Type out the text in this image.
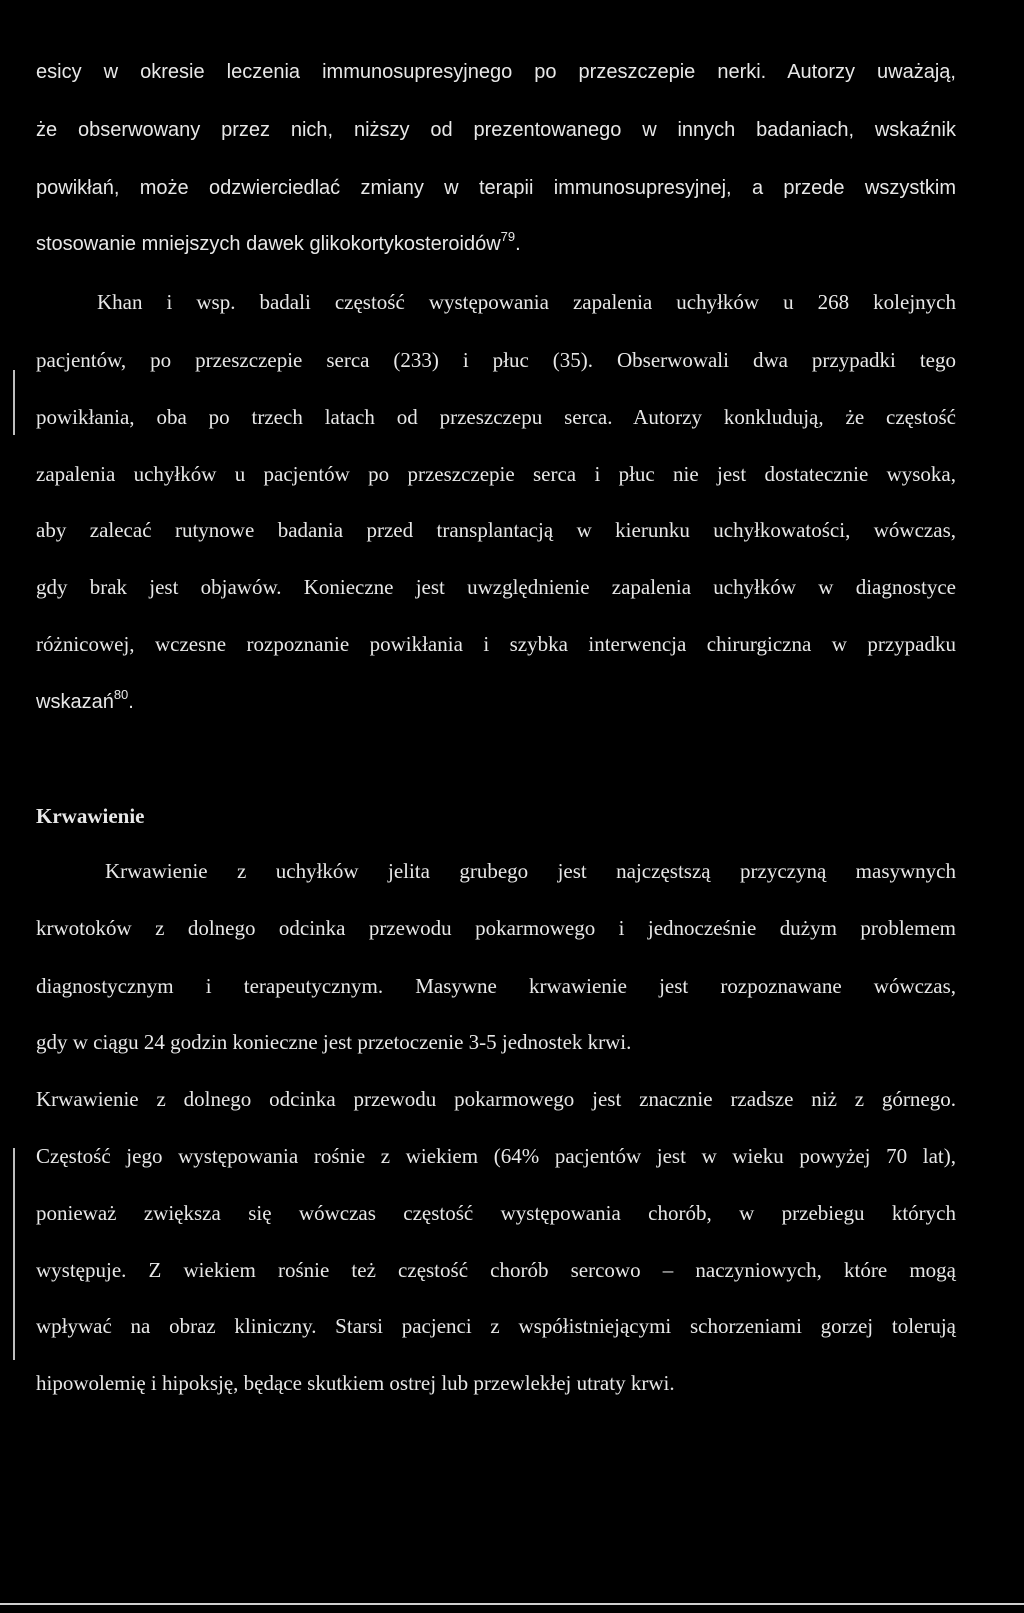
esicy w okresie leczenia immunosupresyjnego po przeszczepie nerki. Autorzy uważają,
że obserwowany przez nich, niższy od prezentowanego w innych badaniach, wskaźnik
powikłań, może odzwierciedlać zmiany w terapii immunosupresyjnej, a przede wszystkim
stosowanie mniejszych dawek glikokortykosteroidów$^{79}$.
Khan i wsp. badali częstość występowania zapalenia uchyłków u 268 kolejnych
pacjentów, po przeszczepie serca (233) i płuc (35). Obserwowali dwa przypadki tego
powikłania, oba po trzech latach od przeszczepu serca. Autorzy konkludują, że częstość
zapalenia uchyłków u pacjentów po przeszczepie serca i płuc nie jest dostatecznie wysoka,
aby zalecać rutynowe badania przed transplantacją w kierunku uchyłkowatości, wówczas,
gdy brak jest objawów. Konieczne jest uwzględnienie zapalenia uchyłków w diagnostyce
różnicowej, wczesne rozpoznanie powikłania i szybka interwencja chirurgiczna w przypadku
wskazań$^{80}$.
Krwawienie
Krwawienie z uchyłków jelita grubego jest najczęstszą przyczyną masywnych
krwotoków z dolnego odcinka przewodu pokarmowego i jednocześnie dużym problemem
diagnostycznym i terapeutycznym. Masywne krwawienie jest rozpoznawane wówczas,
gdy w ciągu 24 godzin konieczne jest przetoczenie 3-5 jednostek krwi.
Krwawienie z dolnego odcinka przewodu pokarmowego jest znacznie rzadsze niż z górnego.
Częstość jego występowania rośnie z wiekiem (64% pacjentów jest w wieku powyżej 70 lat),
ponieważ zwiększa się wówczas częstość występowania chorób, w przebiegu których
występuje. Z wiekiem rośnie też częstość chorób sercowo – naczyniowych, które mogą
wpływać na obraz kliniczny. Starsi pacjenci z współistniejącymi schorzeniami gorzej tolerują
hipowolemię i hipoksję, będące skutkiem ostrej lub przewlekłej utraty krwi.
